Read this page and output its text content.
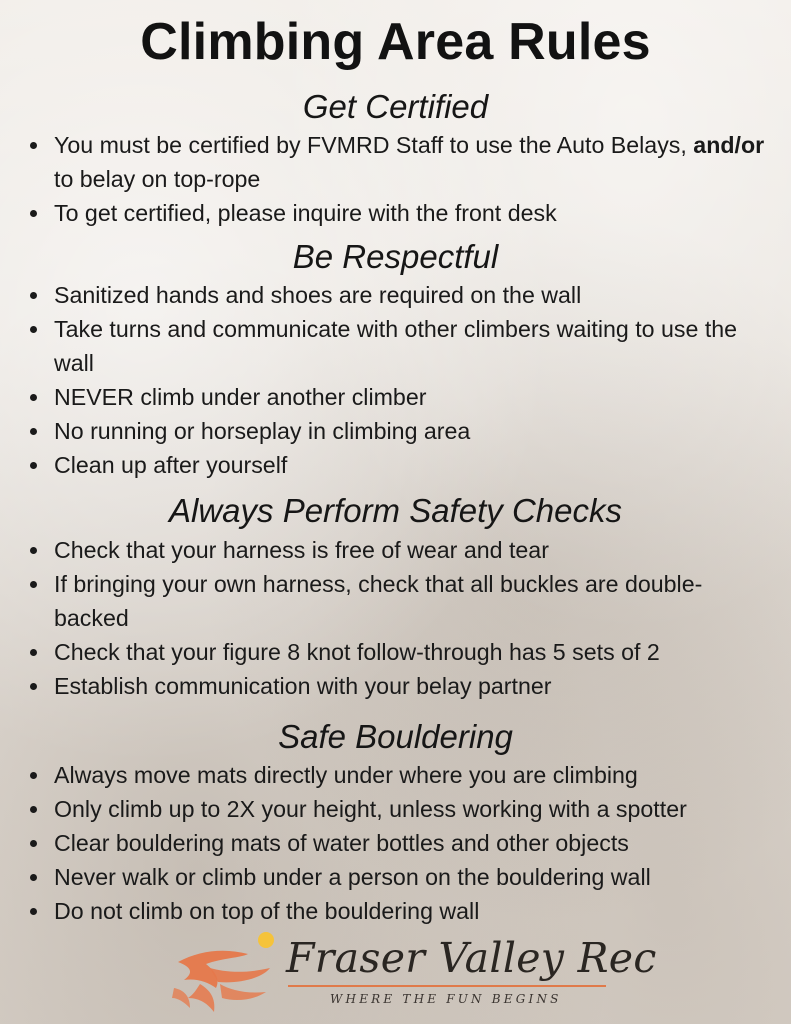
Climbing Area Rules
Get Certified
You must be certified by FVMRD Staff to use the Auto Belays, and/or to belay on top-rope
To get certified, please inquire with the front desk
Be Respectful
Sanitized hands and shoes are required on the wall
Take turns and communicate with other climbers waiting to use the wall
NEVER climb under another climber
No running or horseplay in climbing area
Clean up after yourself
Always Perform Safety Checks
Check that your harness is free of wear and tear
If bringing your own harness, check that all buckles are double-backed
Check that your figure 8 knot follow-through has 5 sets of 2
Establish communication with your belay partner
Safe Bouldering
Always move mats directly under where you are climbing
Only climb up to 2X your height, unless working with a spotter
Clear bouldering mats of water bottles and other objects
Never walk or climb under a person on the bouldering wall
Do not climb on top of the bouldering wall
Fraser Valley Rec
WHERE THE FUN BEGINS
